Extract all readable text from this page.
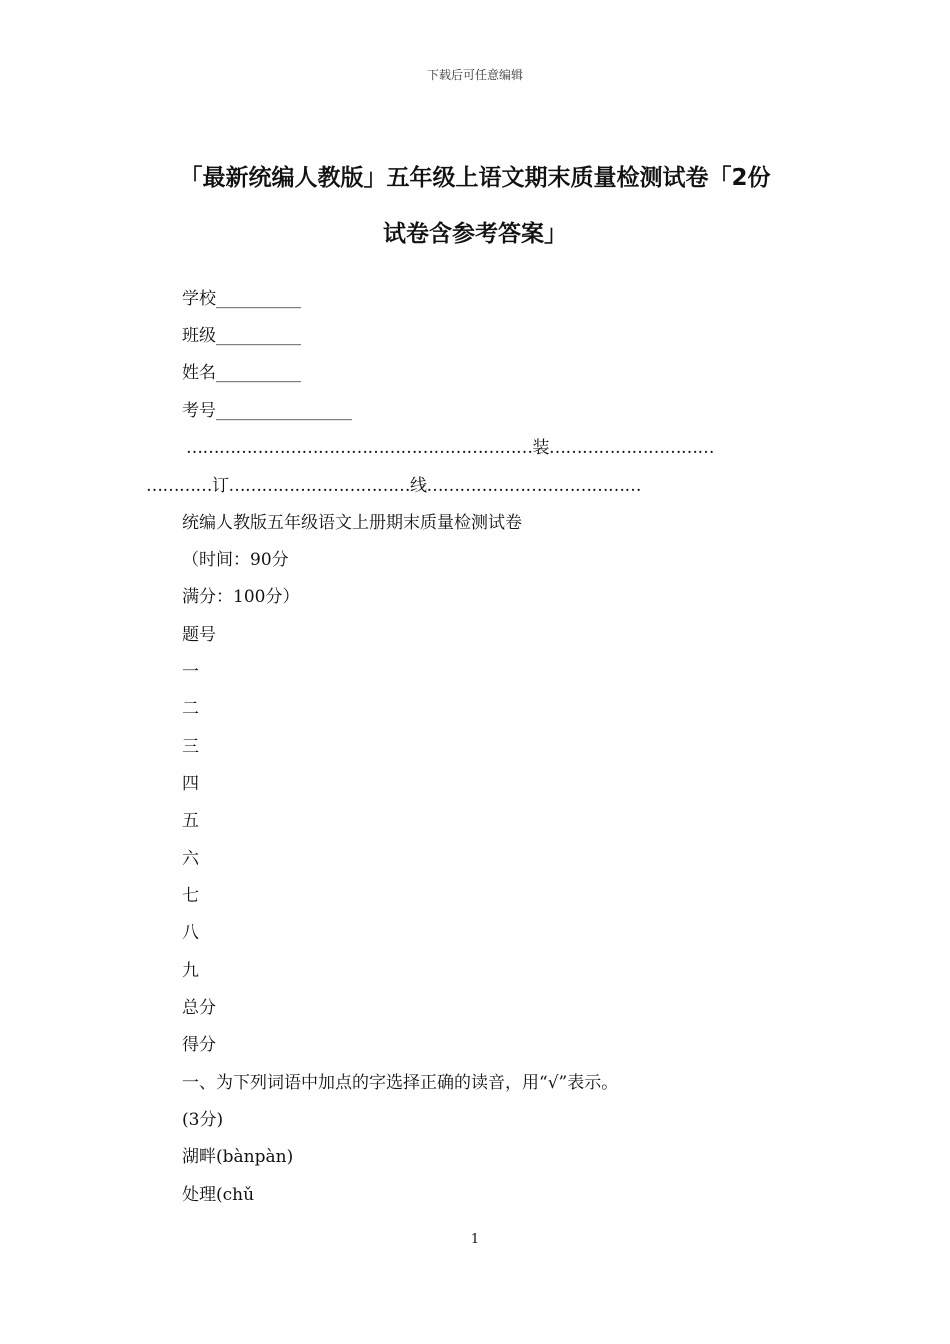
下载后可任意编辑
「最新统编人教版」五年级上语文期末质量检测试卷「2份
试卷含参考答案」
学校__________
班级__________
姓名__________
考号________________
………………………………………………………装…………………………
…………订……………………………线…………………………………
统编人教版五年级语文上册期末质量检测试卷
（时间：90分
满分：100分）
题号
一
二
三
四
五
六
七
八
九
总分
得分
一、为下列词语中加点的字选择正确的读音，用“√”表示。
(3分)
湖畔(bànpàn)
处理(chǔ
1
